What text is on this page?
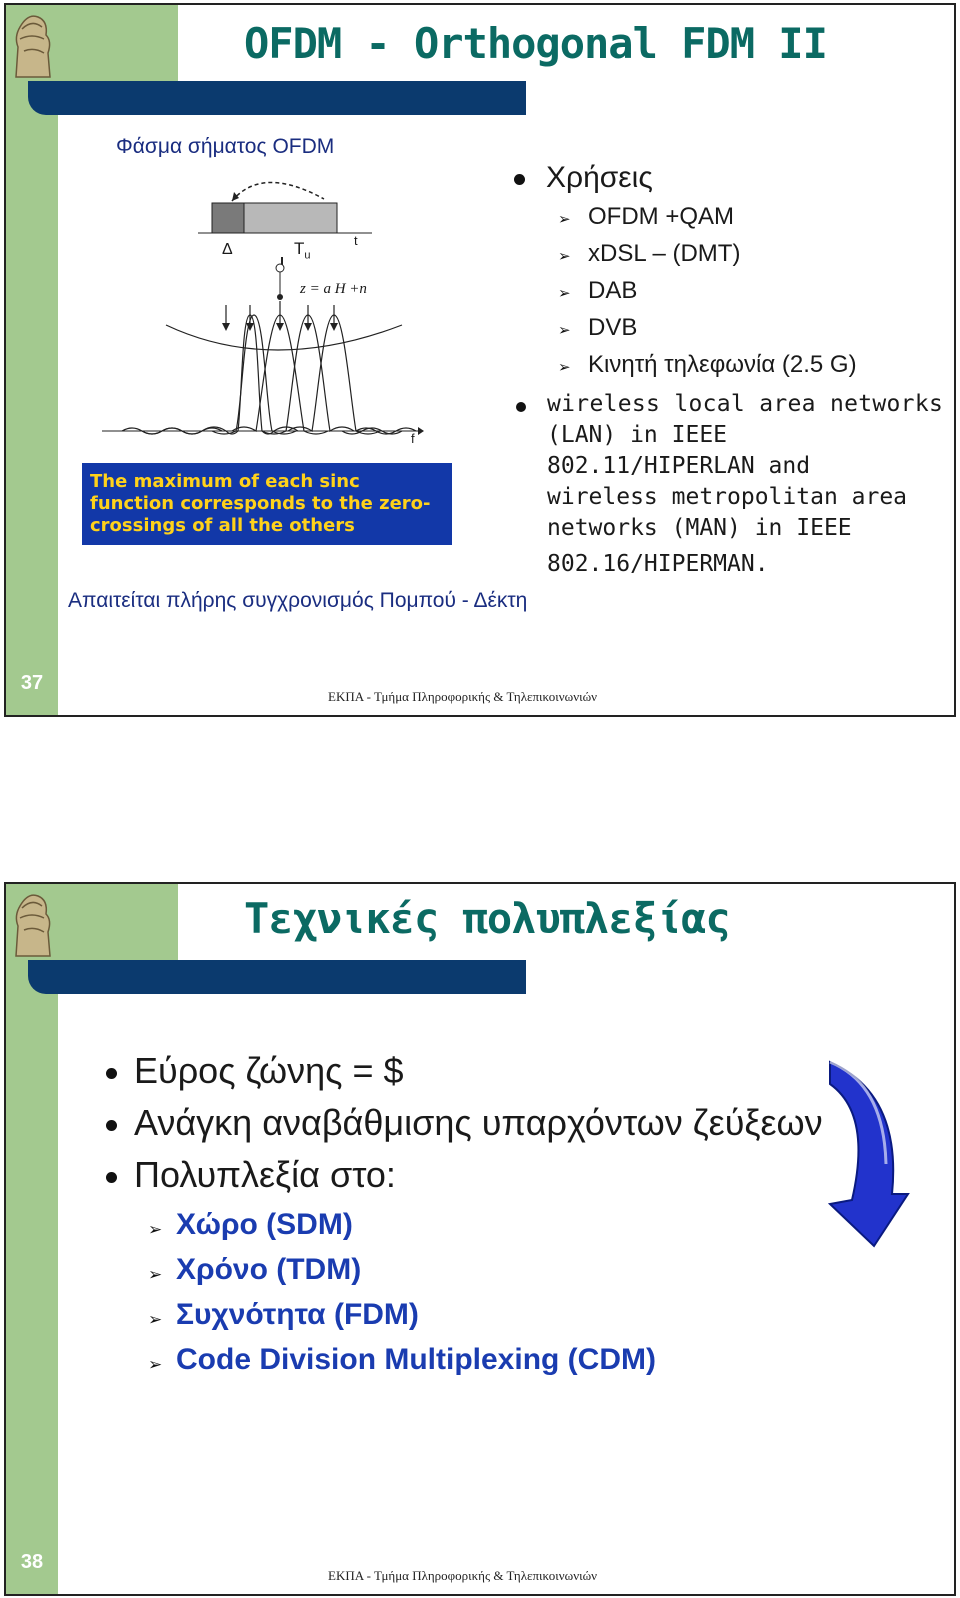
OFDM - Orthogonal FDM II
Φάσμα σήματος OFDM
Δ	$T_u$
t
z = a H +n
f
The maximum of each sinc
function corresponds to the zero-
crossings of all the others
Απαιτείται πλήρης συγχρονισμός Πομπού - Δέκτη
Χρήσεις
➢ OFDM +QAM
➢ xDSL – (DMT)
➢ DAB
➢ DVB
➢ Κινητή τηλεφωνία (2.5 G)
wireless local area networks
(LAN) in IEEE
802.11/HIPERLAN and
wireless metropolitan area
networks (MAN) in IEEE
802.16/HIPERMAN.
37
ΕΚΠΑ - Τμήμα Πληροφορικής & Τηλεπικοινωνιών
Τεχνικές πολυπλεξίας
Εύρος ζώνης = $
Ανάγκη αναβάθμισης υπαρχόντων ζεύξεων
Πολυπλεξία στο:
➢ Χώρο (SDM)
➢ Χρόνο (TDM)
➢ Συχνότητα (FDM)
➢ Code Division Multiplexing (CDM)
38
ΕΚΠΑ - Τμήμα Πληροφορικής & Τηλεπικοινωνιών
